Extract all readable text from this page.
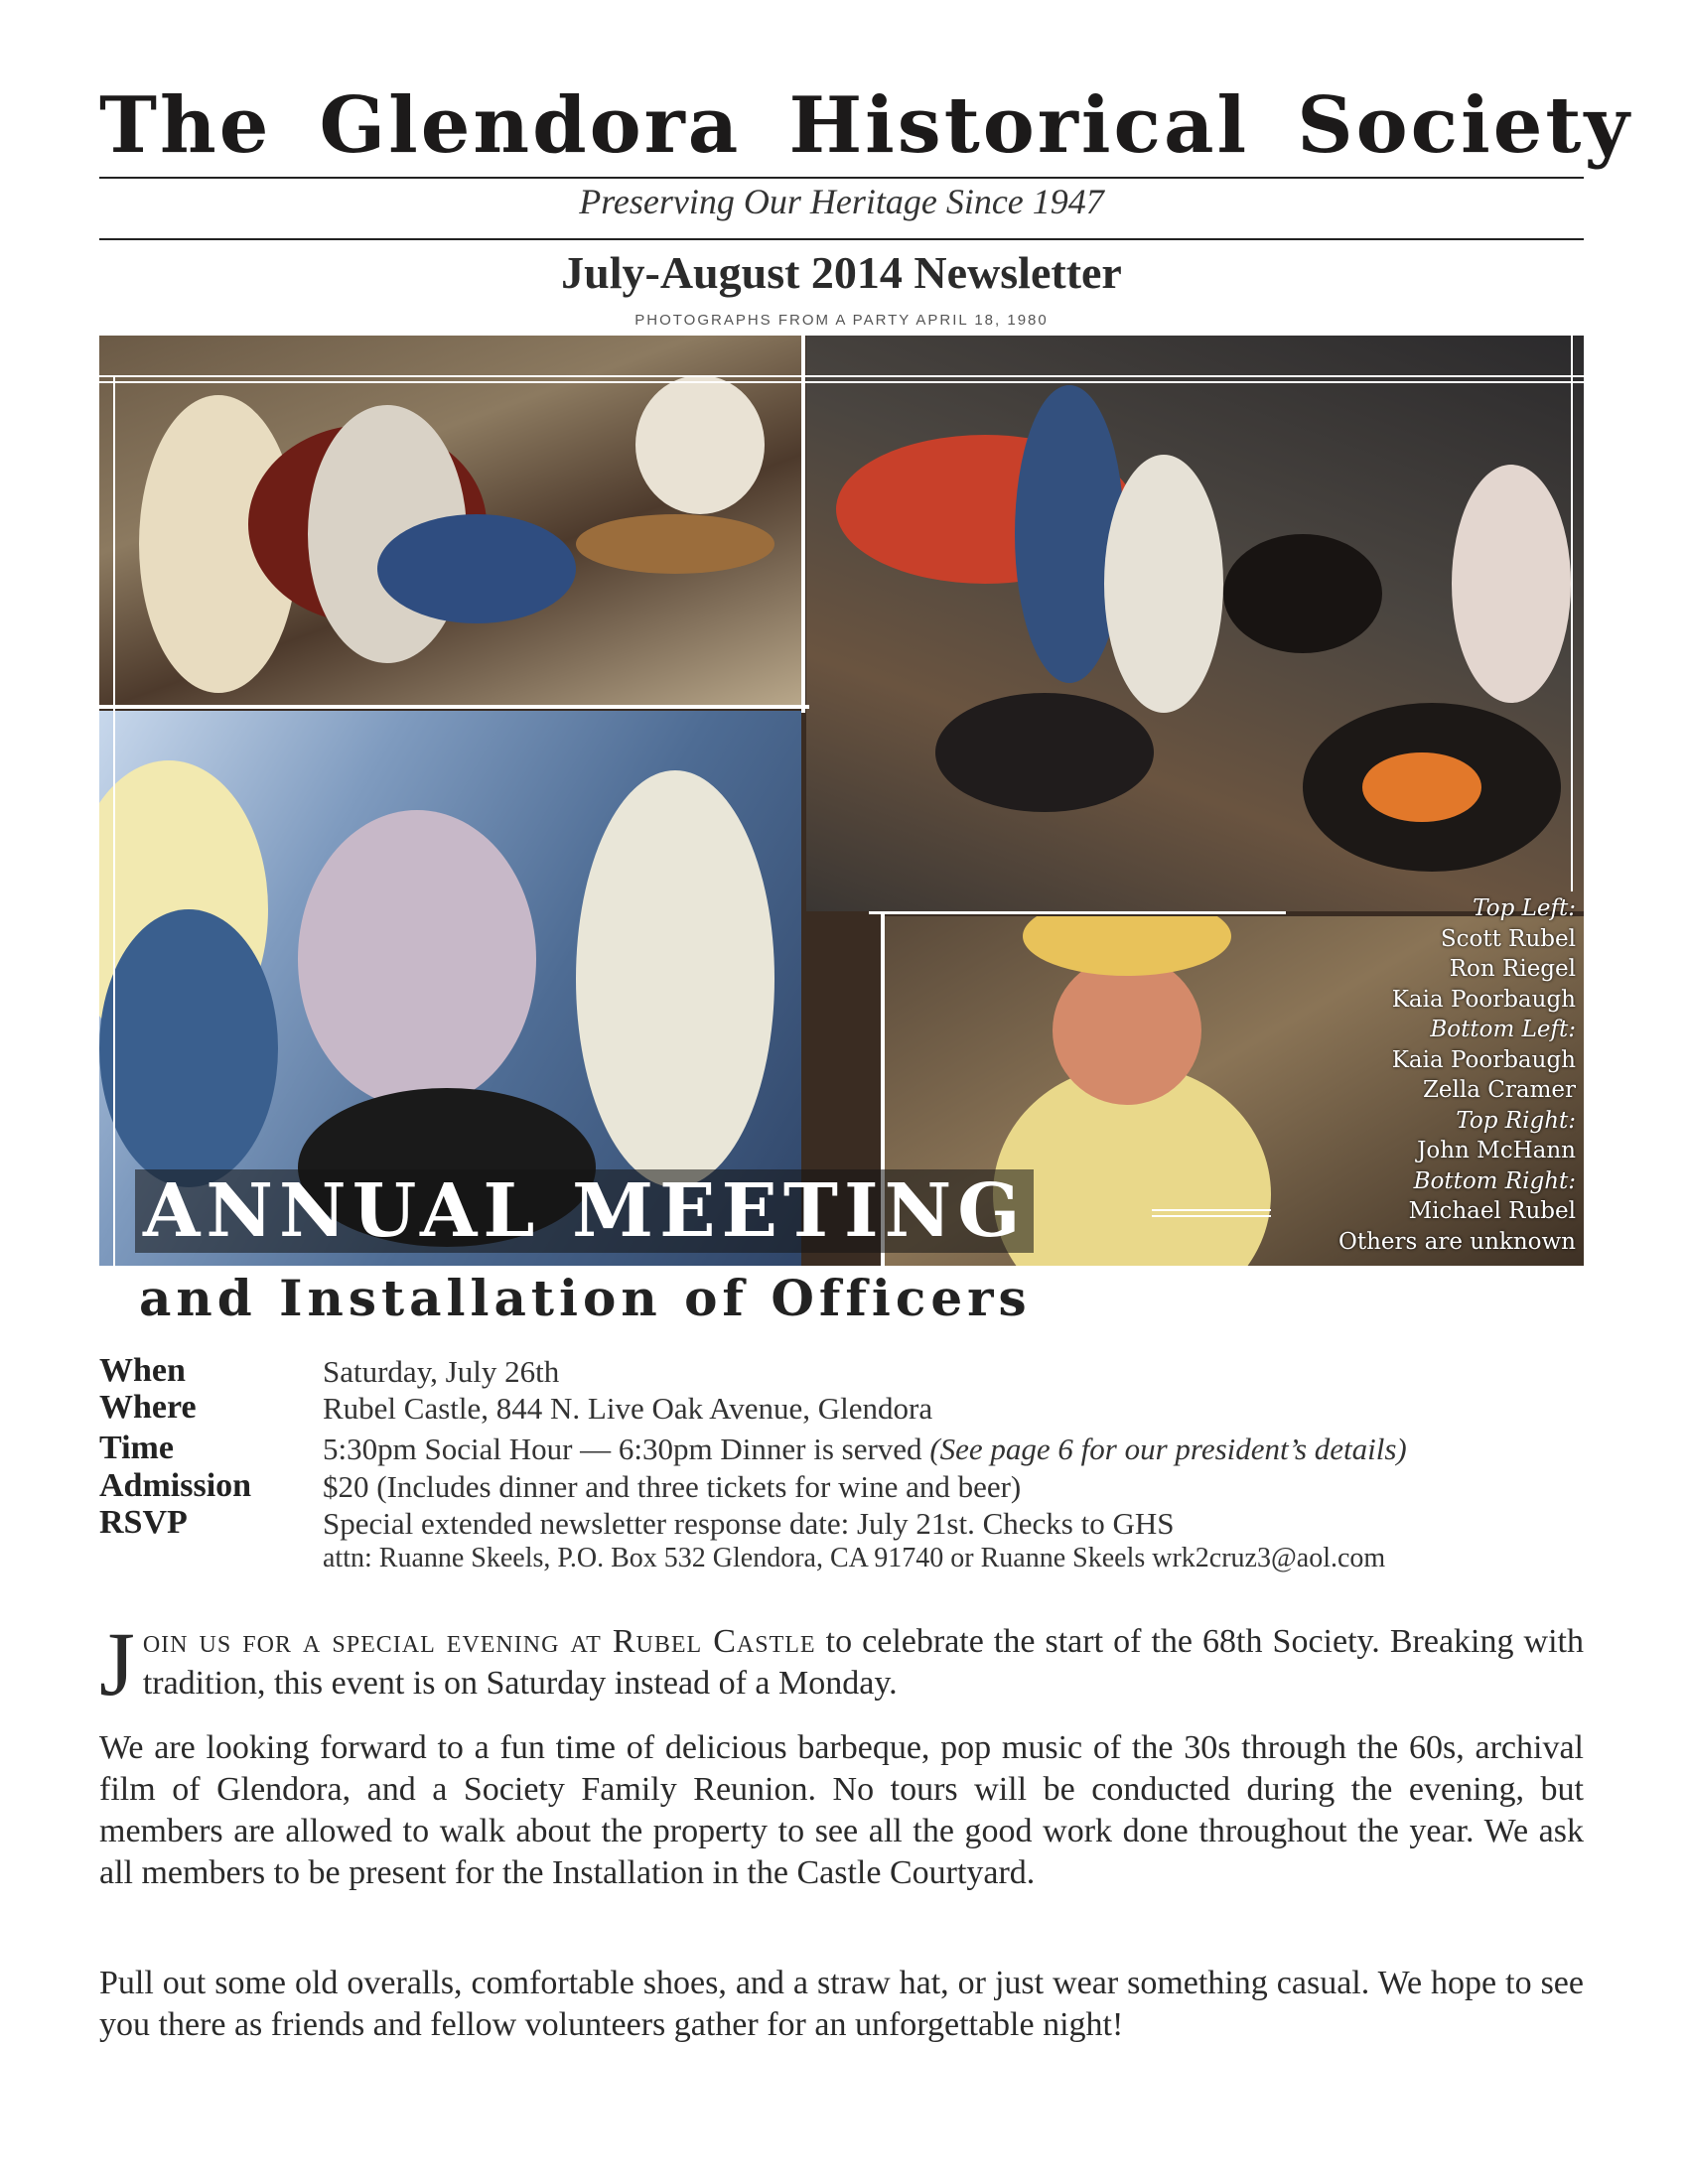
The Glendora Historical Society
Preserving Our Heritage Since 1947
July-August 2014 Newsletter
PHOTOGRAPHS FROM A PARTY APRIL 18, 1980
Top Left:
Scott Rubel
Ron Riegel
Kaia Poorbaugh
Bottom Left:
Kaia Poorbaugh
Zella Cramer
Top Right:
John McHann
Bottom Right:
Michael Rubel
Others are unknown
ANNUAL MEETING
and Installation of Officers
When	Saturday, July 26th
Where	Rubel Castle, 844 N. Live Oak Avenue, Glendora
Time	5:30pm Social Hour — 6:30pm Dinner is served (See page 6 for our president’s details)
Admission $20 (Includes dinner and three tickets for wine and beer)
RSVP	Special extended newsletter response date: July 21st. Checks to GHS
attn: Ruanne Skeels, P.O. Box 532 Glendora, CA 91740 or Ruanne Skeels wrk2cruz3@aol.com
Join us for a special evening at Rubel Castle to celebrate the start of the 68th Society. Breaking with tradition, this event is on Saturday instead of a Monday.
We are looking forward to a fun time of delicious barbeque, pop music of the 30s through the 60s, archival film of Glendora, and a Society Family Reunion. No tours will be conducted during the evening, but members are allowed to walk about the property to see all the good work done throughout the year. We ask all members to be present for the Installation in the Castle Courtyard.
Pull out some old overalls, comfortable shoes, and a straw hat, or just wear something casual. We hope to see you there as friends and fellow volunteers gather for an unforgettable night!
